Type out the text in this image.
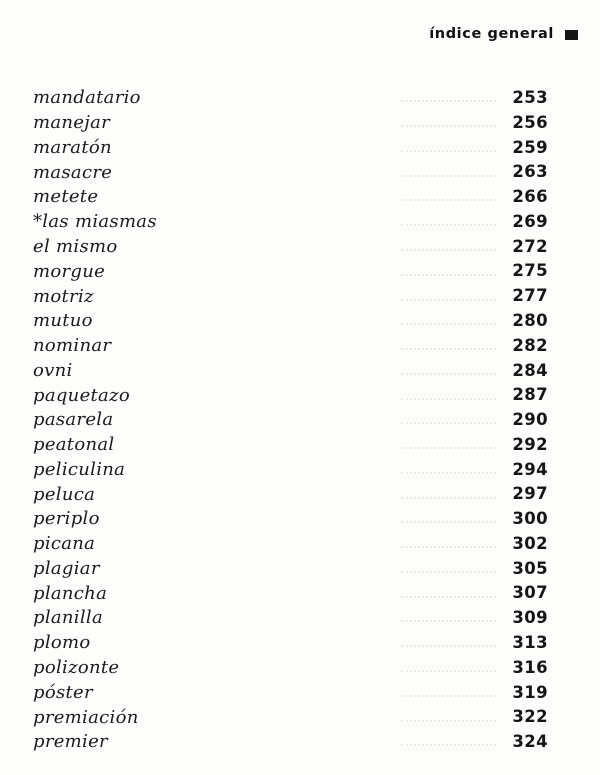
índice general
mandatario	253
manejar	256
maratón	259
masacre	263
metete	266
*las miasmas	269
el mismo	272
morgue	275
motriz	277
mutuo	280
nominar	282
ovni	284
paquetazo	287
pasarela	290
peatonal	292
peliculina	294
peluca	297
periplo	300
picana	302
plagiar	305
plancha	307
planilla	309
plomo	313
polizonte	316
póster	319
premiación	322
premier	324
